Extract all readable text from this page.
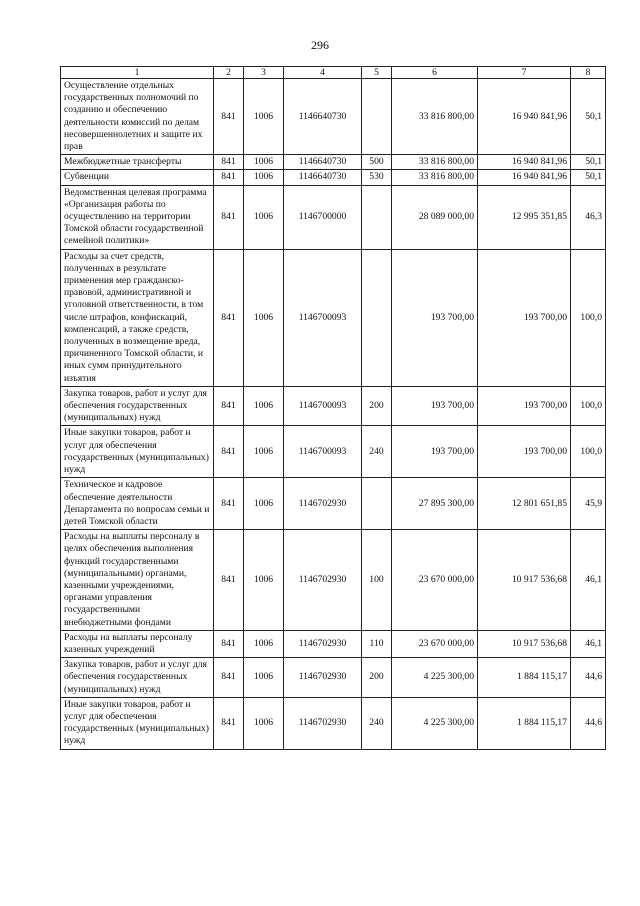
296
1	2	3	4	5	6	7	8
Осуществление отдельных государственных полномочий по созданию и обеспечению деятельности комиссий по делам несовершеннолетних и защите их прав	841	1006	1146640730		33 816 800,00	16 940 841,96	50,1
Межбюджетные трансферты	841	1006	1146640730	500	33 816 800,00	16 940 841,96	50,1
Субвенции	841	1006	1146640730	530	33 816 800,00	16 940 841,96	50,1
Ведомственная целевая программа «Организация работы по осуществлению на территории Томской области государственной семейной политики»	841	1006	1146700000		28 089 000,00	12 995 351,85	46,3
Расходы за счет средств, полученных в результате применения мер гражданско-правовой, административной и уголовной ответственности, в том числе штрафов, конфискаций, компенсаций, а также средств, полученных в возмещение вреда, причиненного Томской области, и иных сумм принудительного изъятия	841	1006	1146700093		193 700,00	193 700,00	100,0
Закупка товаров, работ и услуг для обеспечения государственных (муниципальных) нужд	841	1006	1146700093	200	193 700,00	193 700,00	100,0
Иные закупки товаров, работ и услуг для обеспечения государственных (муниципальных) нужд	841	1006	1146700093	240	193 700,00	193 700,00	100,0
Техническое и кадровое обеспечение деятельности Департамента по вопросам семьи и детей Томской области	841	1006	1146702930		27 895 300,00	12 801 651,85	45,9
Расходы на выплаты персоналу в целях обеспечения выполнения функций государственными (муниципальными) органами, казенными учреждениями, органами управления государственными внебюджетными фондами	841	1006	1146702930	100	23 670 000,00	10 917 536,68	46,1
Расходы на выплаты персоналу казенных учреждений	841	1006	1146702930	110	23 670 000,00	10 917 536,68	46,1
Закупка товаров, работ и услуг для обеспечения государственных (муниципальных) нужд	841	1006	1146702930	200	4 225 300,00	1 884 115,17	44,6
Иные закупки товаров, работ и услуг для обеспечения государственных (муниципальных) нужд	841	1006	1146702930	240	4 225 300,00	1 884 115,17	44,6
